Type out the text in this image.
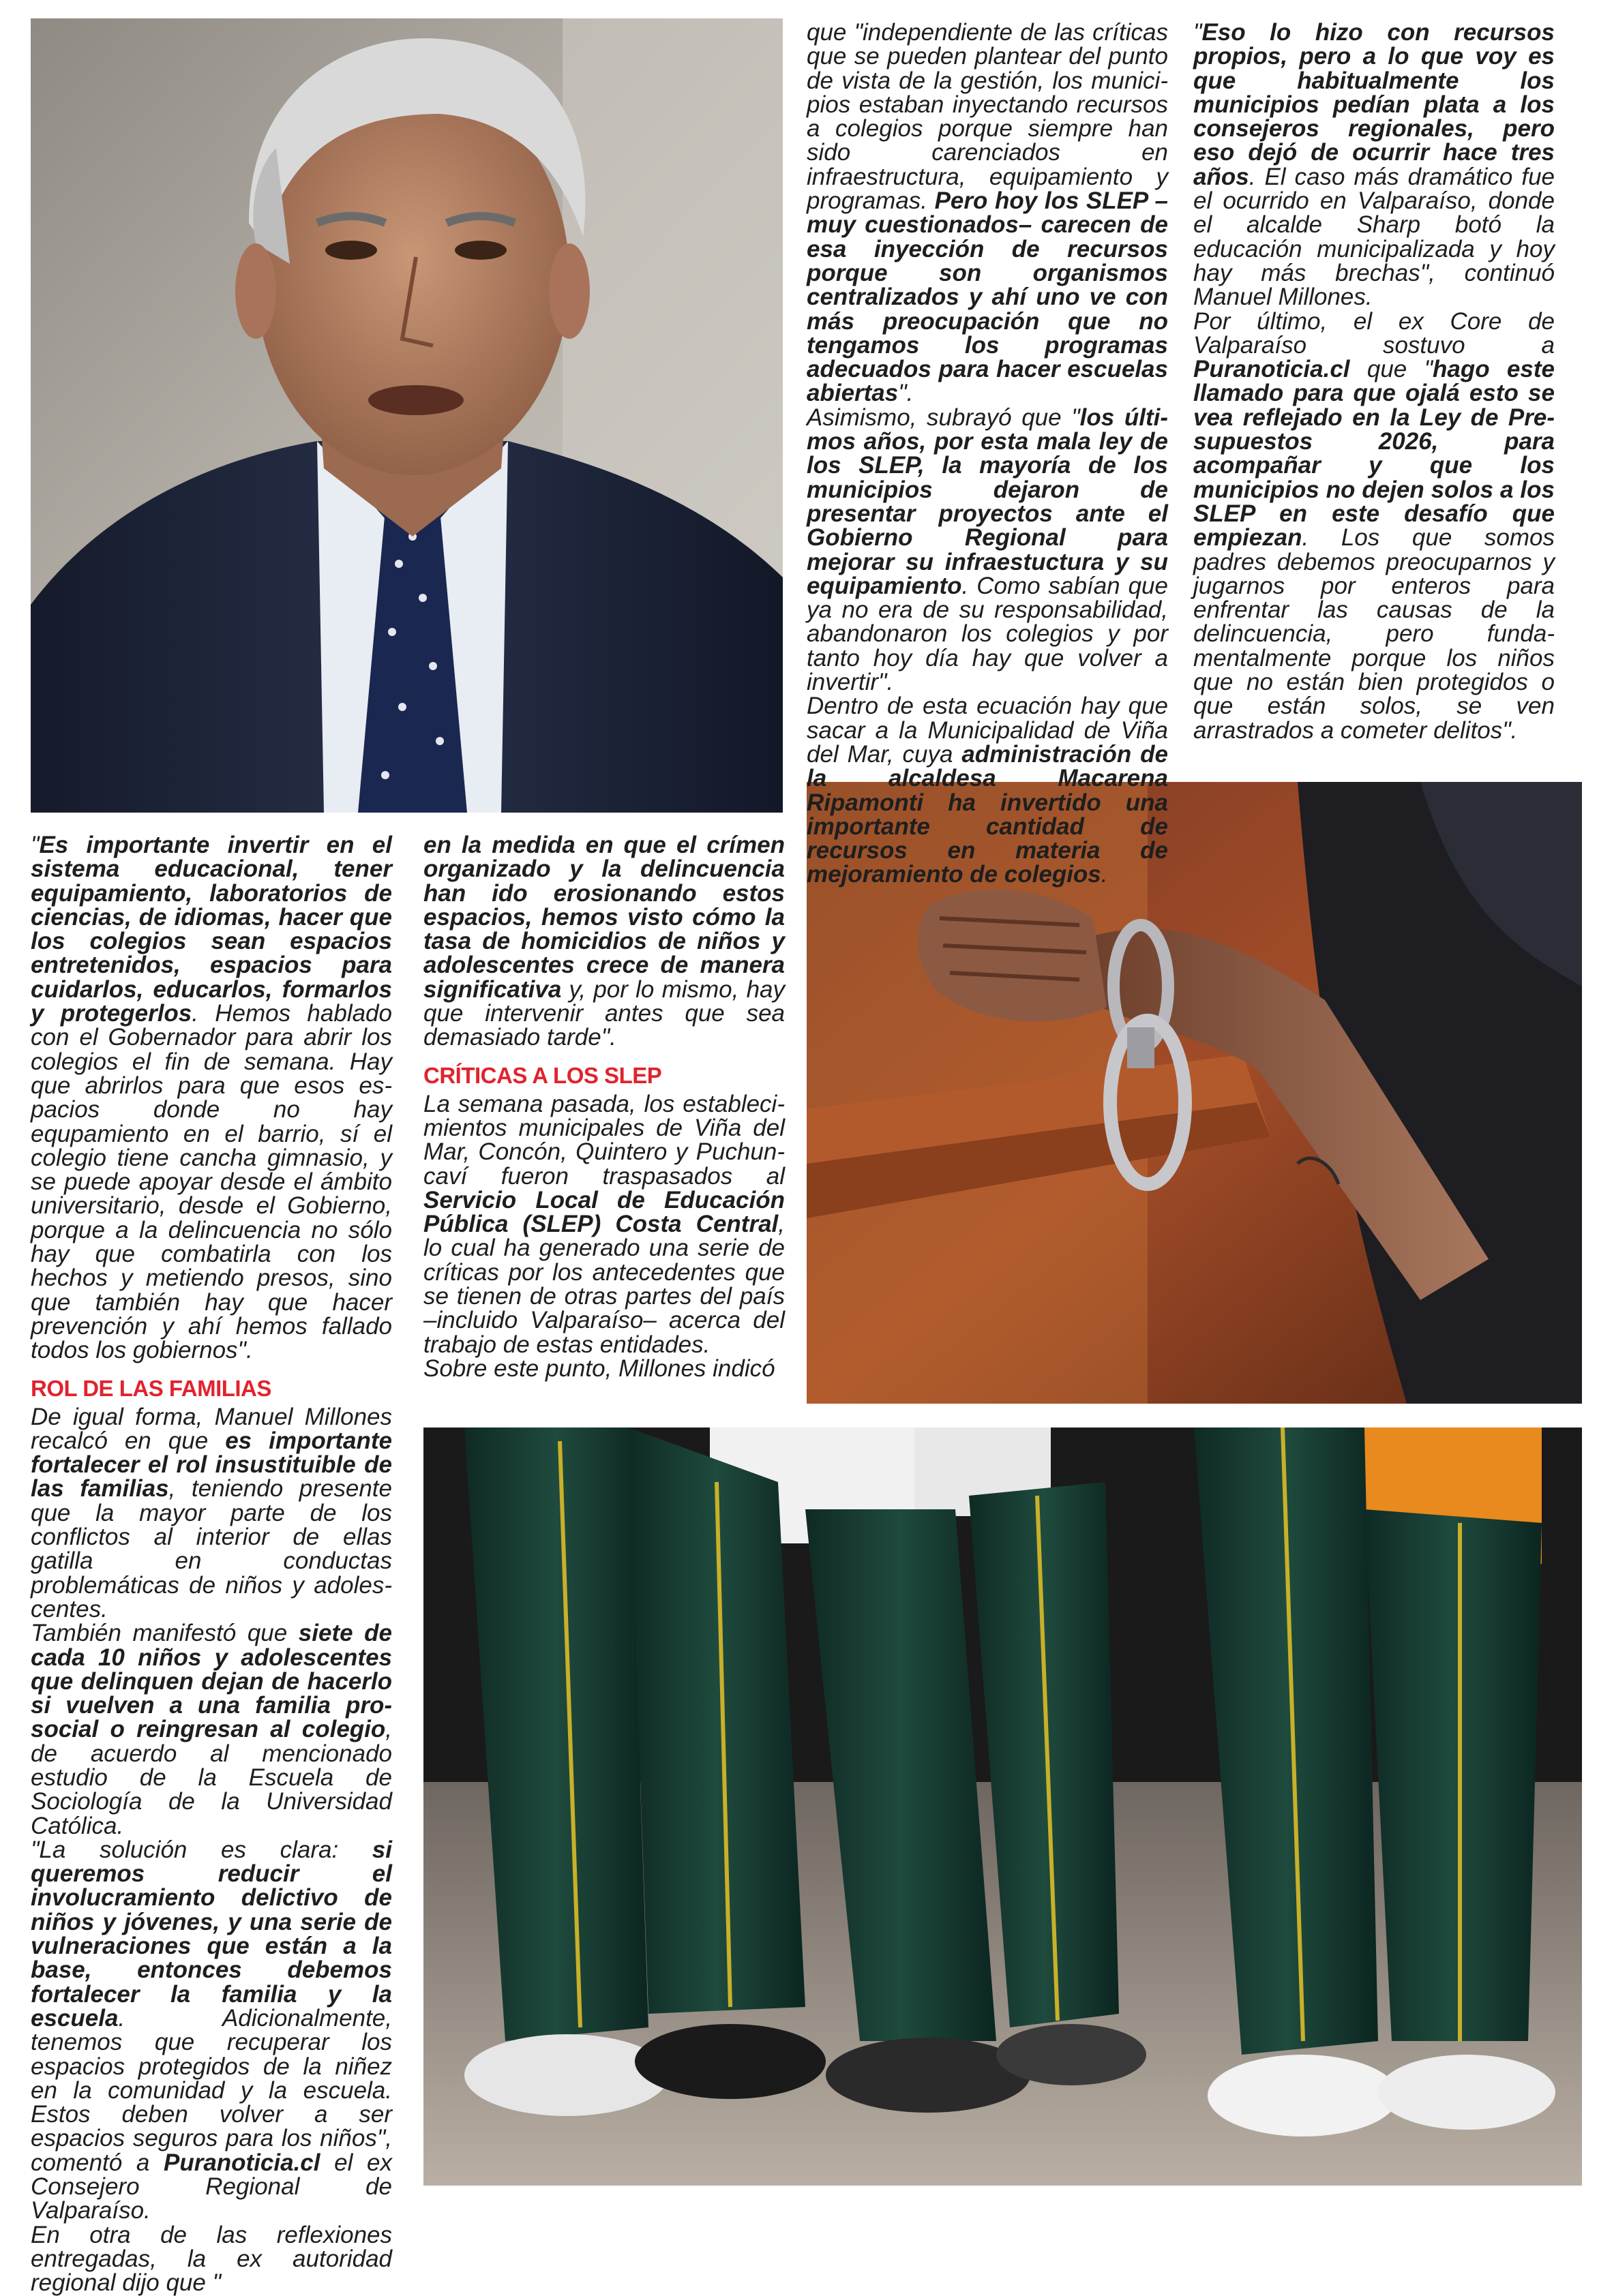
que "independiente de las críticas que se pueden plantear del punto de vista de la gestión, los municipios estaban inyectando recursos a colegios porque siempre han sido carenciados en infraestructura, equipamiento y programas. Pero hoy los SLEP –muy cuestionados– carecen de esa inyección de recursos porque son organismos centralizados y ahí uno ve con más preocupación que no tengamos los programas adecuados para hacer escuelas abiertas".

Asimismo, subrayó que "los últimos años, por esta mala ley de los SLEP, la mayoría de los municipios dejaron de presentar proyectos ante el Gobierno Regional para mejorar su infraestuctura y su equipamiento. Como sabían que ya no era de su responsabilidad, abandonaron los colegios y por tanto hoy día hay que volver a invertir".

Dentro de esta ecuación hay que sacar a la Municipalidad de Viña del Mar, cuya administración de la alcaldesa Macarena Ripamonti ha invertido una importante cantidad de recursos en materia de mejoramiento de colegios.

"Eso lo hizo con recursos propios, pero a lo que voy es que habitualmente los municipios pedían plata a los consejeros regionales, pero eso dejó de ocurrir hace tres años. El caso más dramático fue el ocurrido en Valparaíso, donde el alcalde Sharp botó la educación municipalizada y hoy hay más brechas", continuó Manuel Millones.

Por último, el ex Core de Valparaíso sostuvo a Puranoticia.cl que "hago este llamado para que ojalá esto se vea reflejado en la Ley de Presupuestos 2026, para acompañar y que los municipios no dejen solos a los SLEP en este desafío que empiezan. Los que somos padres debemos preocuparnos y jugarnos por enteros para enfrentar las causas de la delincuencia, pero fundamentalmente porque los niños que no están bien protegidos o que están solos, se ven arrastrados a cometer delitos".

"Es importante invertir en el sistema educacional, tener equipamiento, laboratorios de ciencias, de idiomas, hacer que los colegios sean espacios entretenidos, espacios para cuidarlos, educarlos, formarlos y protegerlos. Hemos hablado con el Gobernador para abrir los colegios el fin de semana. Hay que abrirlos para que esos espacios donde no hay equpamiento en el barrio, sí el colegio tiene cancha gimnasio, y se puede apoyar desde el ámbito universitario, desde el Gobierno, porque a la delincuencia no sólo hay que combatirla con los hechos y metiendo presos, sino que también hay que hacer prevención y ahí hemos fallado todos los gobiernos".

ROL DE LAS FAMILIAS

De igual forma, Manuel Millones recalcó en que es importante fortalecer el rol insustituible de las familias, teniendo presente que la mayor parte de los conflictos al interior de ellas gatilla en conductas problemáticas de niños y adolescentes.

También manifestó que siete de cada 10 niños y adolescentes que delinquen dejan de hacerlo si vuelven a una familia pro-social o reingresan al colegio, de acuerdo al mencionado estudio de la Escuela de Sociología de la Universidad Católica.

"La solución es clara: si queremos reducir el involucramiento delictivo de niños y jóvenes, y una serie de vulneraciones que están a la base, entonces debemos fortalecer la familia y la escuela. Adicionalmente, tenemos que recuperar los espacios protegidos de la niñez en la comunidad y la escuela. Estos deben volver a ser espacios seguros para los niños", comentó a Puranoticia.cl el ex Consejero Regional de Valparaíso.

En otra de las reflexiones entregadas, la ex autoridad regional dijo que "

en la medida en que el crímen organizado y la delincuencia han ido erosionando estos espacios, hemos visto cómo la tasa de homicidios de niños y adolescentes crece de manera significativa y, por lo mismo, hay que intervenir antes que sea demasiado tarde".

CRÍTICAS A LOS SLEP

La semana pasada, los establecimientos municipales de Viña del Mar, Concón, Quintero y Puchuncaví fueron traspasados al Servicio Local de Educación Pública (SLEP) Costa Central, lo cual ha generado una serie de críticas por los antecedentes que se tienen de otras partes del país –incluido Valparaíso– acerca del trabajo de estas entidades.

Sobre este punto, Millones indicó
